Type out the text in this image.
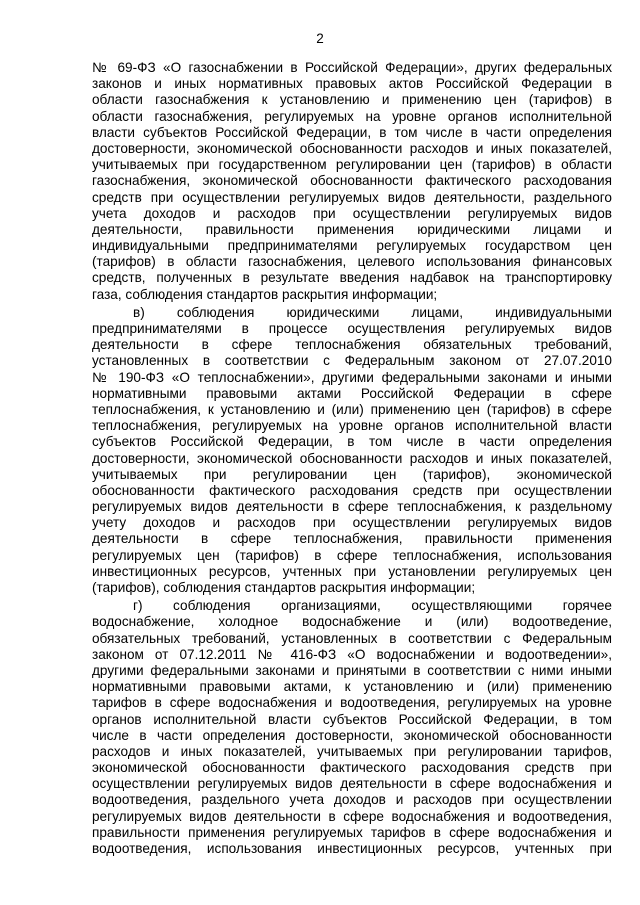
2
№ 69-ФЗ «О газоснабжении в Российской Федерации», других федеральных
законов и иных нормативных правовых актов Российской Федерации в
области газоснабжения к установлению и применению цен (тарифов) в
области газоснабжения, регулируемых на уровне органов исполнительной
власти субъектов Российской Федерации, в том числе в части определения
достоверности, экономической обоснованности расходов и иных показателей,
учитываемых при государственном регулировании цен (тарифов) в области
газоснабжения, экономической обоснованности фактического расходования
средств при осуществлении регулируемых видов деятельности, раздельного
учета доходов и расходов при осуществлении регулируемых видов
деятельности, правильности применения юридическими лицами и
индивидуальными предпринимателями регулируемых государством цен
(тарифов) в области газоснабжения, целевого использования финансовых
средств, полученных в результате введения надбавок на транспортировку
газа, соблюдения стандартов раскрытия информации;
в) соблюдения юридическими лицами, индивидуальными
предпринимателями в процессе осуществления регулируемых видов
деятельности в сфере теплоснабжения обязательных требований,
установленных в соответствии с Федеральным законом от 27.07.2010
№ 190-ФЗ «О теплоснабжении», другими федеральными законами и иными
нормативными правовыми актами Российской Федерации в сфере
теплоснабжения, к установлению и (или) применению цен (тарифов) в сфере
теплоснабжения, регулируемых на уровне органов исполнительной власти
субъектов Российской Федерации, в том числе в части определения
достоверности, экономической обоснованности расходов и иных показателей,
учитываемых при регулировании цен (тарифов), экономической
обоснованности фактического расходования средств при осуществлении
регулируемых видов деятельности в сфере теплоснабжения, к раздельному
учету доходов и расходов при осуществлении регулируемых видов
деятельности в сфере теплоснабжения, правильности применения
регулируемых цен (тарифов) в сфере теплоснабжения, использования
инвестиционных ресурсов, учтенных при установлении регулируемых цен
(тарифов), соблюдения стандартов раскрытия информации;
г) соблюдения организациями, осуществляющими горячее
водоснабжение, холодное водоснабжение и (или) водоотведение,
обязательных требований, установленных в соответствии с Федеральным
законом от 07.12.2011 № 416-ФЗ «О водоснабжении и водоотведении»,
другими федеральными законами и принятыми в соответствии с ними иными
нормативными правовыми актами, к установлению и (или) применению
тарифов в сфере водоснабжения и водоотведения, регулируемых на уровне
органов исполнительной власти субъектов Российской Федерации, в том
числе в части определения достоверности, экономической обоснованности
расходов и иных показателей, учитываемых при регулировании тарифов,
экономической обоснованности фактического расходования средств при
осуществлении регулируемых видов деятельности в сфере водоснабжения и
водоотведения, раздельного учета доходов и расходов при осуществлении
регулируемых видов деятельности в сфере водоснабжения и водоотведения,
правильности применения регулируемых тарифов в сфере водоснабжения и
водоотведения, использования инвестиционных ресурсов, учтенных при
